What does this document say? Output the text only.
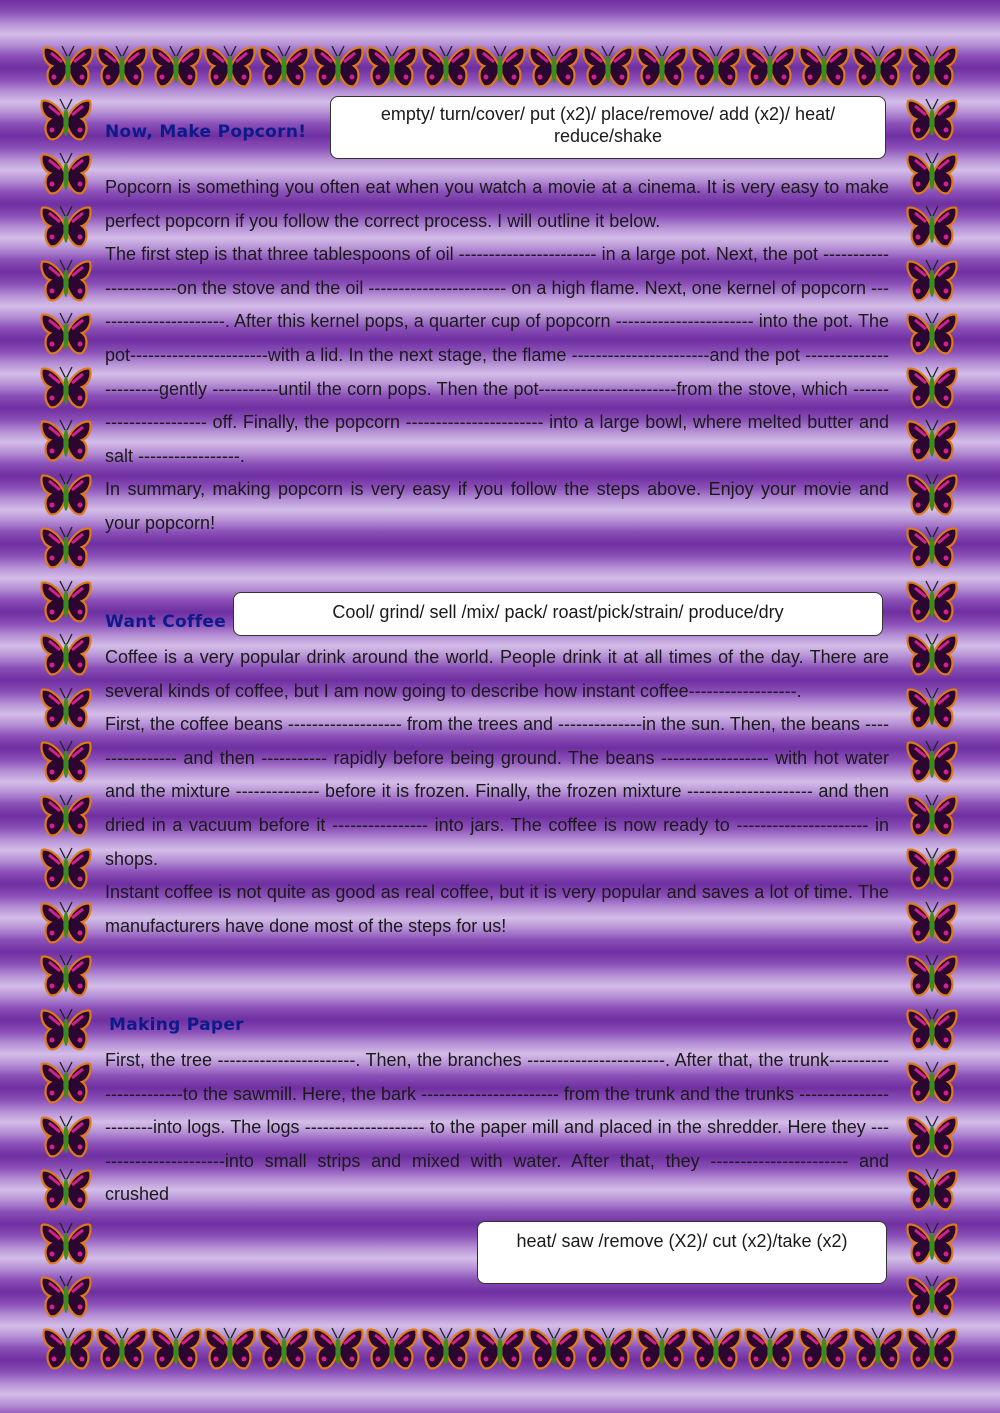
Now, Make Popcorn!
empty/ turn/cover/ put (x2)/ place/remove/ add (x2)/ heat/ reduce/shake

Popcorn is something you often eat when you watch a movie at a cinema. It is very easy to make perfect popcorn if you follow the correct process. I will outline it below.

The first step is that three tablespoons of oil ----------------------- in a large pot. Next, the pot -----------------------on the stove and the oil ----------------------- on a high flame. Next, one kernel of popcorn -----------------------. After this kernel pops, a quarter cup of popcorn ----------------------- into the pot. The pot-----------------------with a lid. In the next stage, the flame -----------------------and the pot -----------------------gently -----------until the corn pops. Then the pot-----------------------from the stove, which ----------------------- off. Finally, the popcorn ----------------------- into a large bowl, where melted butter and salt -----------------.

In summary, making popcorn is very easy if you follow the steps above. Enjoy your movie and your popcorn!

Want Coffee	Cool/ grind/ sell /mix/ pack/ roast/pick/strain/ produce/dry

Coffee is a very popular drink around the world. People drink it at all times of the day. There are several kinds of coffee, but I am now going to describe how instant coffee------------------.

First, the coffee beans ------------------- from the trees and --------------in the sun. Then, the beans ---------------- and then ----------- rapidly before being ground. The beans ------------------ with hot water and the mixture -------------- before it is frozen. Finally, the frozen mixture --------------------- and then dried in a vacuum before it ---------------- into jars. The coffee is now ready to ---------------------- in shops.

Instant coffee is not quite as good as real coffee, but it is very popular and saves a lot of time. The manufacturers have done most of the steps for us!

Making Paper

First, the tree -----------------------. Then, the branches -----------------------. After that, the trunk-----------------------to the sawmill. Here, the bark ----------------------- from the trunk and the trunks -----------------------into logs. The logs -------------------- to the paper mill and placed in the shredder. Here they -----------------------into small strips and mixed with water. After that, they ----------------------- and crushed

heat/ saw /remove (X2)/ cut (x2)/take (x2)
